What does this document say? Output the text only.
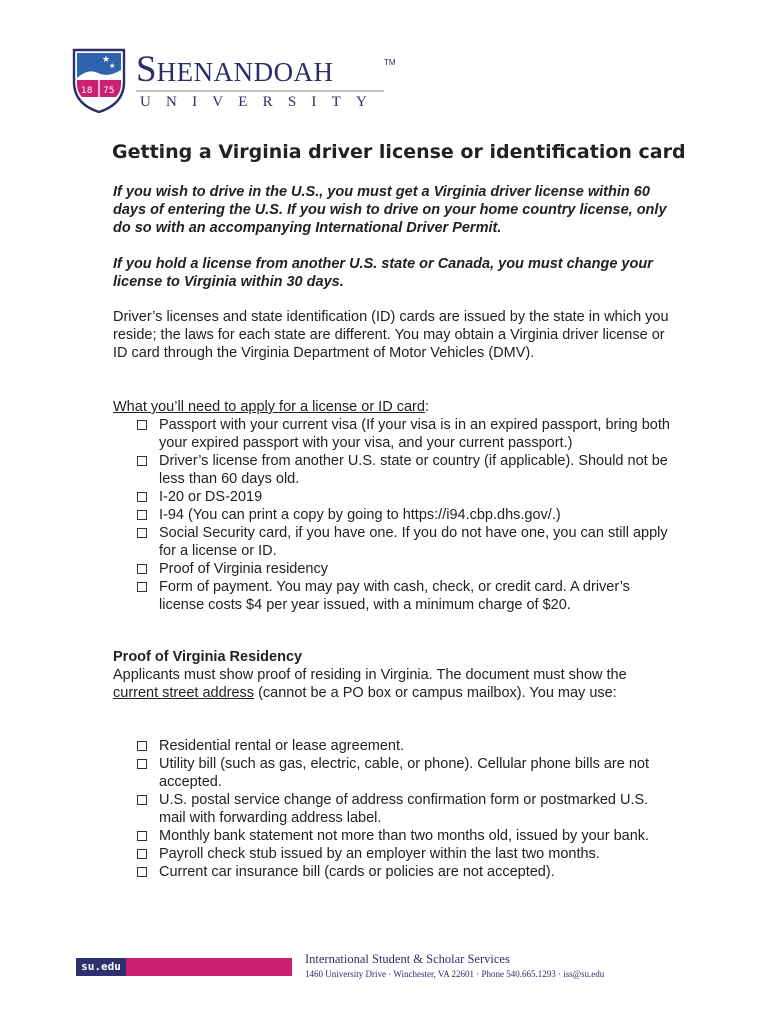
★
★
18 75
SHENANDOAH	TM
UNIVERSITY
Getting a Virginia driver license or identification card

If you wish to drive in the U.S., you must get a Virginia driver license within 60 days of entering the U.S. If you wish to drive on your home country license, only do so with an accompanying International Driver Permit.

If you hold a license from another U.S. state or Canada, you must change your license to Virginia within 30 days.

Driver’s licenses and state identification (ID) cards are issued by the state in which you reside; the laws for each state are different. You may obtain a Virginia driver license or ID card through the Virginia Department of Motor Vehicles (DMV).

What you’ll need to apply for a license or ID card:

Passport with your current visa (If your visa is in an expired passport, bring both your expired passport with your visa, and your current passport.)
Driver’s license from another U.S. state or country (if applicable). Should not be less than 60 days old.
I-20 or DS-2019
I-94 (You can print a copy by going to https://i94.cbp.dhs.gov/.)
Social Security card, if you have one. If you do not have one, you can still apply for a license or ID.
Proof of Virginia residency
Form of payment. You may pay with cash, check, or credit card. A driver’s license costs $4 per year issued, with a minimum charge of $20.

Proof of Virginia Residency

Applicants must show proof of residing in Virginia. The document must show the current street address (cannot be a PO box or campus mailbox). You may use:

Residential rental or lease agreement.
Utility bill (such as gas, electric, cable, or phone). Cellular phone bills are not accepted.
U.S. postal service change of address confirmation form or postmarked U.S. mail with forwarding address label.
Monthly bank statement not more than two months old, issued by your bank.
Payroll check stub issued by an employer within the last two months.
Current car insurance bill (cards or policies are not accepted).
su.edu

International Student & Scholar Services

1460 University Drive · Winchester, VA 22601 · Phone 540.665.1293 · iss@su.edu
